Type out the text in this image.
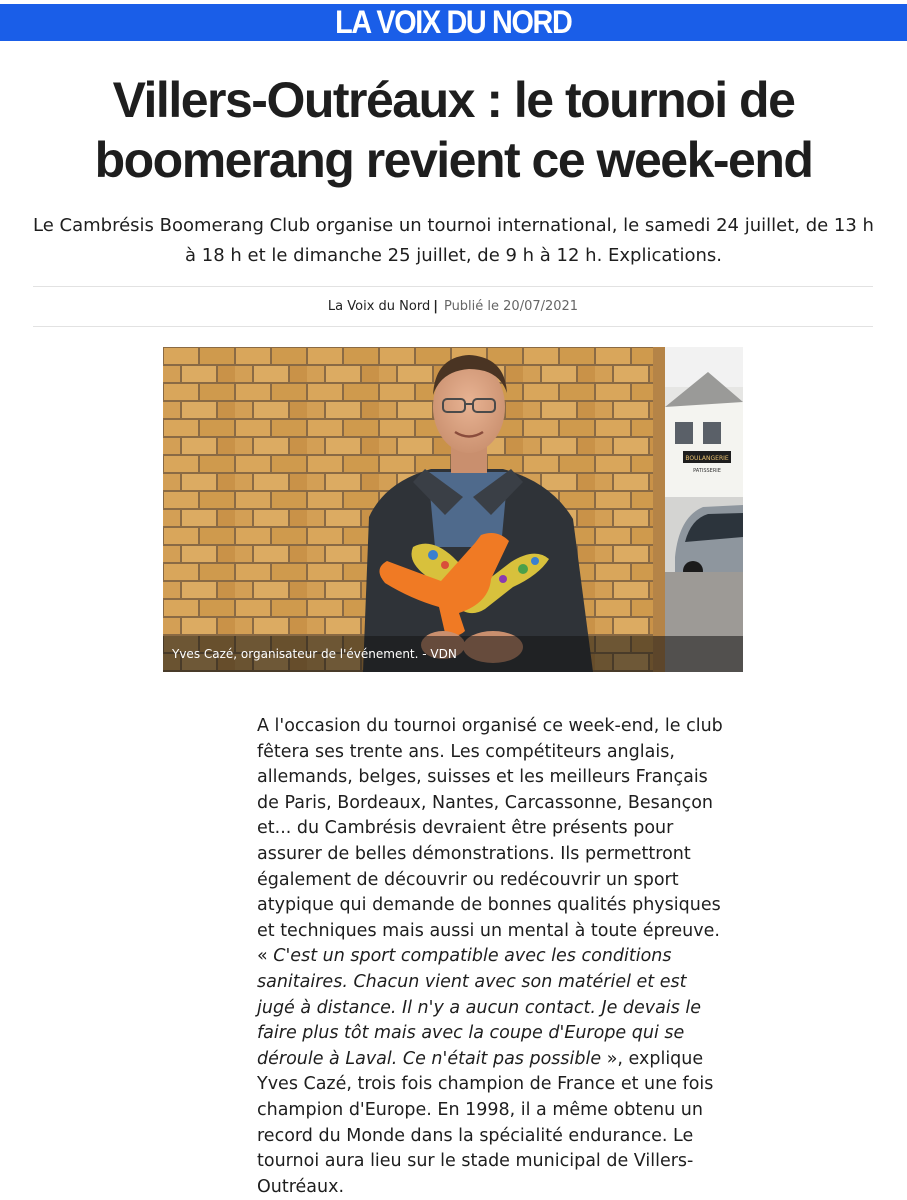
LA VOIX DU NORD
Villers-Outréaux : le tournoi de boomerang revient ce week-end

Le Cambrésis Boomerang Club organise un tournoi international, le samedi 24 juillet, de 13 h à 18 h et le dimanche 25 juillet, de 9 h à 12 h. Explications.

La Voix du Nord | Publié le 20/07/2021
BOULANGERIE
PATISSERIE
Yves Cazé, organisateur de l'événement. - VDN

A l'occasion du tournoi organisé ce week-end, le club fêtera ses trente ans. Les compétiteurs anglais, allemands, belges, suisses et les meilleurs Français de Paris, Bordeaux, Nantes, Carcassonne, Besançon et... du Cambrésis devraient être présents pour assurer de belles démonstrations. Ils permettront également de découvrir ou redécouvrir un sport atypique qui demande de bonnes qualités physiques et techniques mais aussi un mental à toute épreuve. « C'est un sport compatible avec les conditions sanitaires. Chacun vient avec son matériel et est jugé à distance. Il n'y a aucun contact. Je devais le faire plus tôt mais avec la coupe d'Europe qui se déroule à Laval. Ce n'était pas possible », explique Yves Cazé, trois fois champion de France et une fois champion d'Europe. En 1998, il a même obtenu un record du Monde dans la spécialité endurance. Le tournoi aura lieu sur le stade municipal de Villers-Outréaux.
